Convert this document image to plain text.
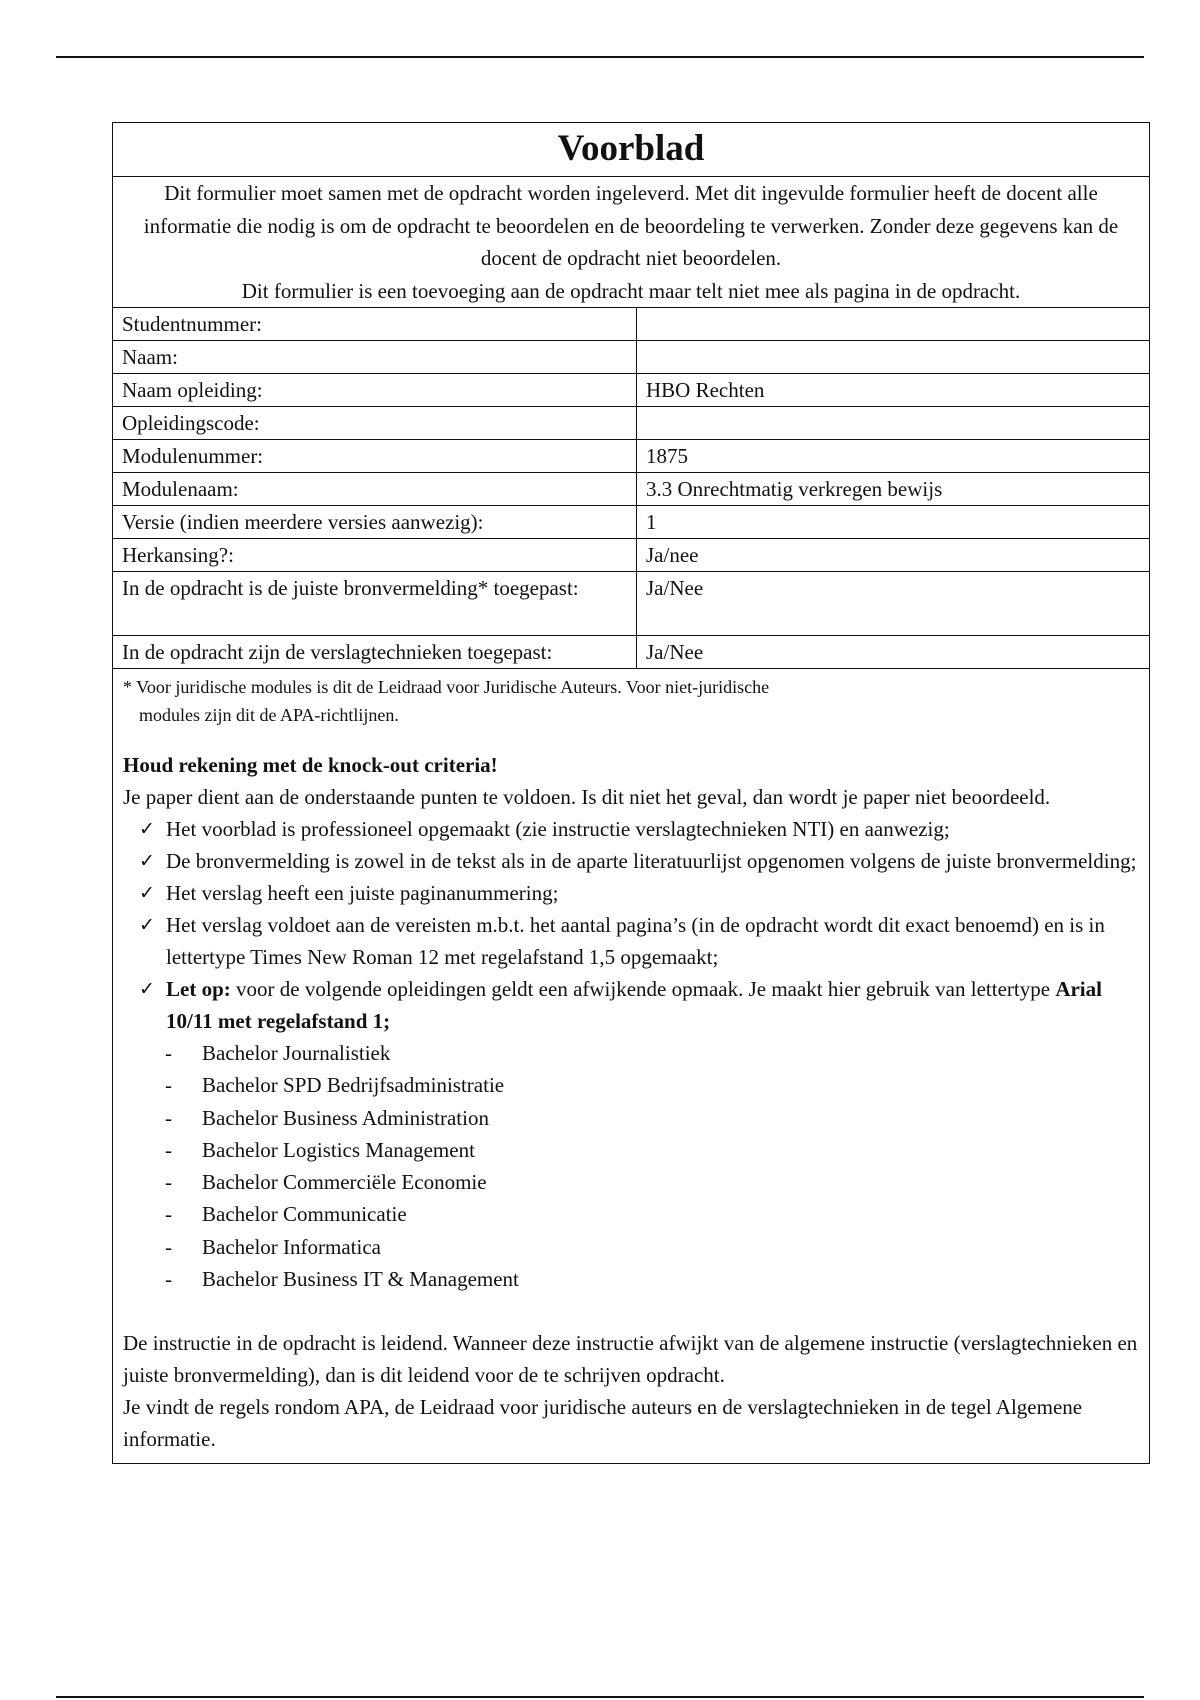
Voorblad

Dit formulier moet samen met de opdracht worden ingeleverd. Met dit ingevulde formulier heeft de docent alle informatie die nodig is om de opdracht te beoordelen en de beoordeling te verwerken. Zonder deze gegevens kan de docent de opdracht niet beoordelen.

Dit formulier is een toevoeging aan de opdracht maar telt niet mee als pagina in de opdracht.

Studentnummer:	
Naam:	
Naam opleiding:	HBO Rechten
Opleidingscode:	
Modulenummer:	1875
Modulenaam:	3.3 Onrechtmatig verkregen bewijs
Versie (indien meerdere versies aanwezig):	1
Herkansing?:	Ja/nee
In de opdracht is de juiste bronvermelding* toegepast:	Ja/Nee
In de opdracht zijn de verslagtechnieken toegepast:	Ja/Nee
* Voor juridische modules is dit de Leidraad voor Juridische Auteurs. Voor niet-juridische
modules zijn dit de APA-richtlijnen.

Houd rekening met de knock-out criteria!

Je paper dient aan de onderstaande punten te voldoen. Is dit niet het geval, dan wordt je paper niet beoordeeld.

✓ Het voorblad is professioneel opgemaakt (zie instructie verslagtechnieken NTI) en aanwezig;
✓ De bronvermelding is zowel in de tekst als in de aparte literatuurlijst opgenomen volgens de juiste bronvermelding;
✓ Het verslag heeft een juiste paginanummering;
✓ Het verslag voldoet aan de vereisten m.b.t. het aantal pagina’s (in de opdracht wordt dit exact benoemd) en is in lettertype Times New Roman 12 met regelafstand 1,5 opgemaakt;
✓ Let op: voor de volgende opleidingen geldt een afwijkende opmaak. Je maakt hier gebruik van lettertype Arial 10/11 met regelafstand 1;
- Bachelor Journalistiek
- Bachelor SPD Bedrijfsadministratie
- Bachelor Business Administration
- Bachelor Logistics Management
- Bachelor Commerciële Economie
- Bachelor Communicatie
- Bachelor Informatica
- Bachelor Business IT & Management

De instructie in de opdracht is leidend. Wanneer deze instructie afwijkt van de algemene instructie (verslagtechnieken en juiste bronvermelding), dan is dit leidend voor de te schrijven opdracht.

Je vindt de regels rondom APA, de Leidraad voor juridische auteurs en de verslagtechnieken in de tegel Algemene informatie.
